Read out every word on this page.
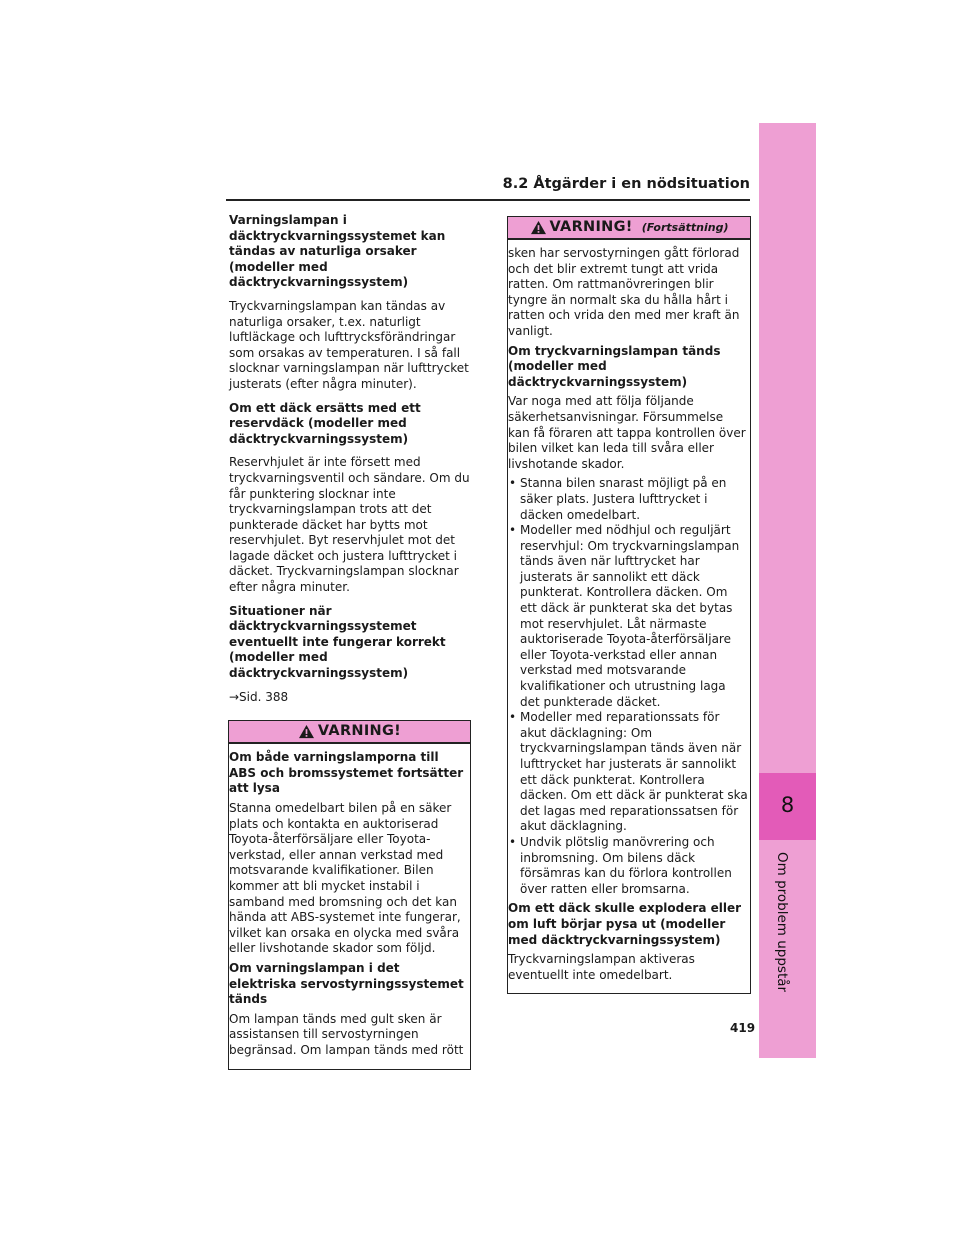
8
Om problem uppstår
8.2 Åtgärder i en nödsituation
Varningslampan i däcktryckvarningssystemet kan tändas av naturliga orsaker (modeller med däcktryckvarningssystem)
Tryckvarningslampan kan tändas av naturliga orsaker, t.ex. naturligt luftläckage och lufttrycksförändringar som orsakas av temperaturen. I så fall slocknar varningslampan när lufttrycket justerats (efter några minuter).
Om ett däck ersätts med ett reservdäck (modeller med däcktryckvarningssystem)
Reservhjulet är inte försett med tryckvarningsventil och sändare. Om du får punktering slocknar inte tryckvarningslampan trots att det punkterade däcket har bytts mot reservhjulet. Byt reservhjulet mot det lagade däcket och justera lufttrycket i däcket. Tryckvarningslampan slocknar efter några minuter.
Situationer när däcktryckvarningssystemet eventuellt inte fungerar korrekt (modeller med däcktryckvarningssystem)
→Sid. 388
VARNING!
Om både varningslamporna till ABS och bromssystemet fortsätter att lysa
Stanna omedelbart bilen på en säker plats och kontakta en auktoriserad Toyota-återförsäljare eller Toyota-verkstad, eller annan verkstad med motsvarande kvalifikationer. Bilen kommer att bli mycket instabil i samband med bromsning och det kan hända att ABS-systemet inte fungerar, vilket kan orsaka en olycka med svåra eller livshotande skador som följd.
Om varningslampan i det elektriska servostyrningssystemet tänds
Om lampan tänds med gult sken är assistansen till servostyrningen begränsad. Om lampan tänds med rött
VARNING! (Fortsättning)
sken har servostyrningen gått förlorad och det blir extremt tungt att vrida ratten. Om rattmanövreringen blir tyngre än normalt ska du hålla hårt i ratten och vrida den med mer kraft än vanligt.
Om tryckvarningslampan tänds (modeller med däcktryckvarningssystem)
Var noga med att följa följande säkerhetsanvisningar. Försummelse kan få föraren att tappa kontrollen över bilen vilket kan leda till svåra eller livshotande skador.
• Stanna bilen snarast möjligt på en säker plats. Justera lufttrycket i däcken omedelbart.
• Modeller med nödhjul och reguljärt reservhjul: Om tryckvarningslampan tänds även när lufttrycket har justerats är sannolikt ett däck punkterat. Kontrollera däcken. Om ett däck är punkterat ska det bytas mot reservhjulet. Låt närmaste auktoriserade Toyota-återförsäljare eller Toyota-verkstad eller annan verkstad med motsvarande kvalifikationer och utrustning laga det punkterade däcket.
• Modeller med reparationssats för akut däcklagning: Om tryckvarningslampan tänds även när lufttrycket har justerats är sannolikt ett däck punkterat. Kontrollera däcken. Om ett däck är punkterat ska det lagas med reparationssatsen för akut däcklagning.
• Undvik plötslig manövrering och inbromsning. Om bilens däck försämras kan du förlora kontrollen över ratten eller bromsarna.
Om ett däck skulle explodera eller om luft börjar pysa ut (modeller med däcktryckvarningssystem)
Tryckvarningslampan aktiveras eventuellt inte omedelbart.
419
